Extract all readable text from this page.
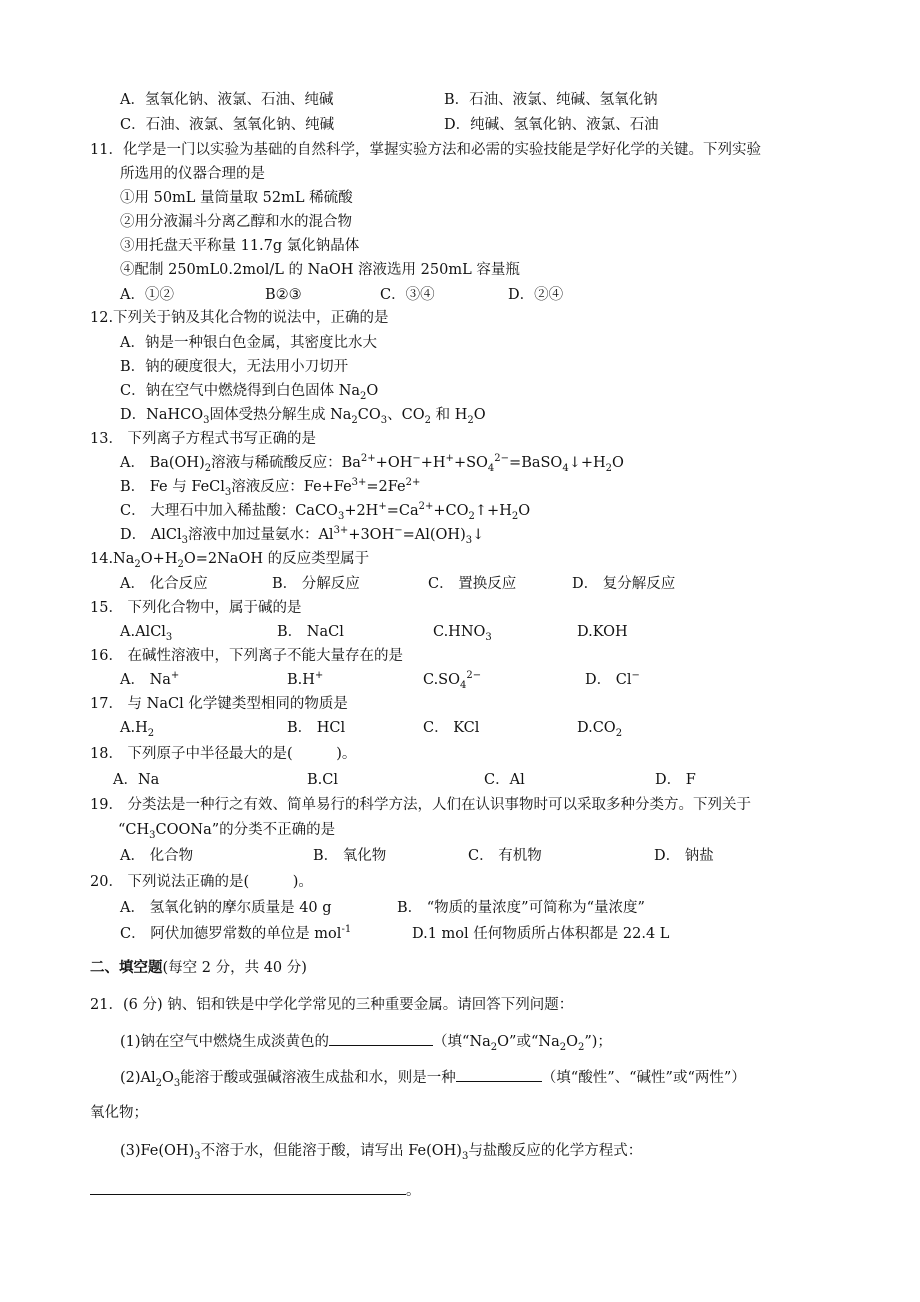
A．氢氧化钠、液氯、石油、纯碱	B．石油、液氯、纯碱、氢氧化钠
C．石油、液氯、氢氧化钠、纯碱	D．纯碱、氢氧化钠、液氯、石油
11．化学是一门以实验为基础的自然科学，掌握实验方法和必需的实验技能是学好化学的关键。下列实验
所选用的仪器合理的是
①用 50mL 量筒量取 52mL 稀硫酸
②用分液漏斗分离乙醇和水的混合物
③用托盘天平称量 11.7g 氯化钠晶体
④配制 250mL0.2mol/L 的 NaOH 溶液选用 250mL 容量瓶
A．①②	B②③	C．③④	D．②④
12.下列关于钠及其化合物的说法中，正确的是
A．钠是一种银白色金属，其密度比水大
B．钠的硬度很大，无法用小刀切开
C．钠在空气中燃烧得到白色固体 $Na_2O$
D．NaHCO$_3$固体受热分解生成 $Na_2CO_3$、$CO_2$ 和 $H_2O$
13． 下列离子方程式书写正确的是
A． $Ba(OH)_2$溶液与稀硫酸反应：$Ba^{2+}+OH^-+H^++SO_4^{2-}=BaSO_4↓+H_2O$
B． Fe 与 FeCl$_3$溶液反应：$Fe+Fe^{3+}=2Fe^{2+}$
C． 大理石中加入稀盐酸：$CaCO_3+2H^+=Ca^{2+}+CO_2↑+H_2O$
D． AlCl$_3$溶液中加过量氨水：$Al^{3+}+3OH^-=Al(OH)_3↓$
$14.Na_2O+H_2O=2NaOH$ 的反应类型属于
A． 化合反应	B． 分解反应	C． 置换反应	D． 复分解反应
15． 下列化合物中，属于碱的是
A.AlCl$_3$	B． NaCl	$C.HNO_3$	D.KOH
16． 在碱性溶液中，下列离子不能大量存在的是
A． Na+	B.H+	$C.SO_4^{2-}$	D． Cl−
17． 与 NaCl 化学键类型相同的物质是
$A.H_2$	B． HCl	C． KCl	$D.CO_2$
18． 下列原子中半径最大的是(　　　)。
A．Na	B.Cl	C．Al	D． F
19． 分类法是一种行之有效、简单易行的科学方法，人们在认识事物时可以采取多种分类方。下列关于
“$CH_3COONa$”的分类不正确的是
A． 化合物	B． 氧化物	C． 有机物	D． 钠盐
20． 下列说法正确的是(　　　)。
A． 氢氧化钠的摩尔质量是 40 g	B． “物质的量浓度”可简称为“量浓度”
C． 阿伏加德罗常数的单位是 mol$^{-1}$	D.1 mol 任何物质所占体积都是 22.4 L
二、填空题(每空 2 分，共 40 分)
21．(6 分) 钠、铝和铁是中学化学常见的三种重要金属。请回答下列问题：
(1)钠在空气中燃烧生成淡黄色的	（填“$Na_2O$”或“$Na_2O_2$”)；
$(2)Al_2O_3$能溶于酸或强碱溶液生成盐和水，则是一种	（填“酸性”、“碱性”或“两性”）
氧化物；
$(3)Fe(OH)_3$不溶于水，但能溶于酸，请写出 $Fe(OH)_3$与盐酸反应的化学方程式：
。
